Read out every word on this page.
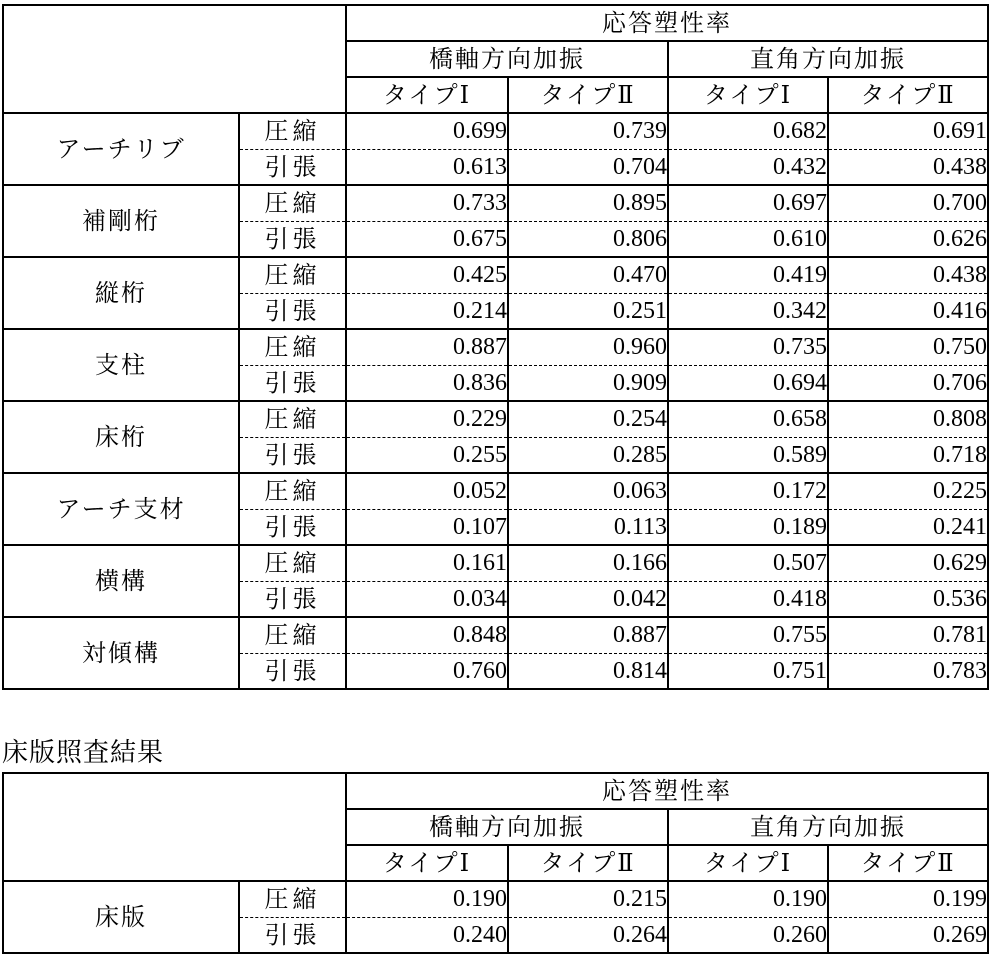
		応答塑性率			
		橋軸方向加振		直角方向加振	
		タイプⅠ	タイプⅡ	タイプⅠ	タイプⅡ
アーチリブ	圧縮	0.699	0.739	0.682	0.691
	引張	0.613	0.704	0.432	0.438
補剛桁	圧縮	0.733	0.895	0.697	0.700
	引張	0.675	0.806	0.610	0.626
縦桁	圧縮	0.425	0.470	0.419	0.438
	引張	0.214	0.251	0.342	0.416
支柱	圧縮	0.887	0.960	0.735	0.750
	引張	0.836	0.909	0.694	0.706
床桁	圧縮	0.229	0.254	0.658	0.808
	引張	0.255	0.285	0.589	0.718
アーチ支材	圧縮	0.052	0.063	0.172	0.225
	引張	0.107	0.113	0.189	0.241
横構	圧縮	0.161	0.166	0.507	0.629
	引張	0.034	0.042	0.418	0.536
対傾構	圧縮	0.848	0.887	0.755	0.781
	引張	0.760	0.814	0.751	0.783
床版照査結果
		応答塑性率			
		橋軸方向加振		直角方向加振	
		タイプⅠ	タイプⅡ	タイプⅠ	タイプⅡ
床版	圧縮	0.190	0.215	0.190	0.199
	引張	0.240	0.264	0.260	0.269
